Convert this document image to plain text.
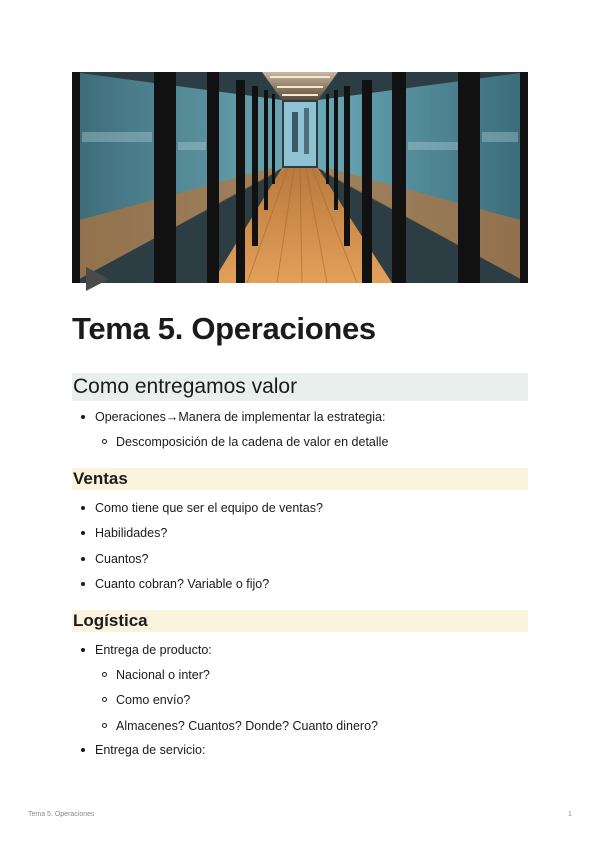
Tema 5. Operaciones
Como entregamos valor
Operaciones→Manera de implementar la estrategia:
Descomposición de la cadena de valor en detalle
Ventas
Como tiene que ser el equipo de ventas?
Habilidades?
Cuantos?
Cuanto cobran? Variable o fijo?
Logística
Entrega de producto:
Nacional o inter?
Como envío?
Almacenes? Cuantos? Donde? Cuanto dinero?
Entrega de servicio:
Tema 5. Operaciones	1
